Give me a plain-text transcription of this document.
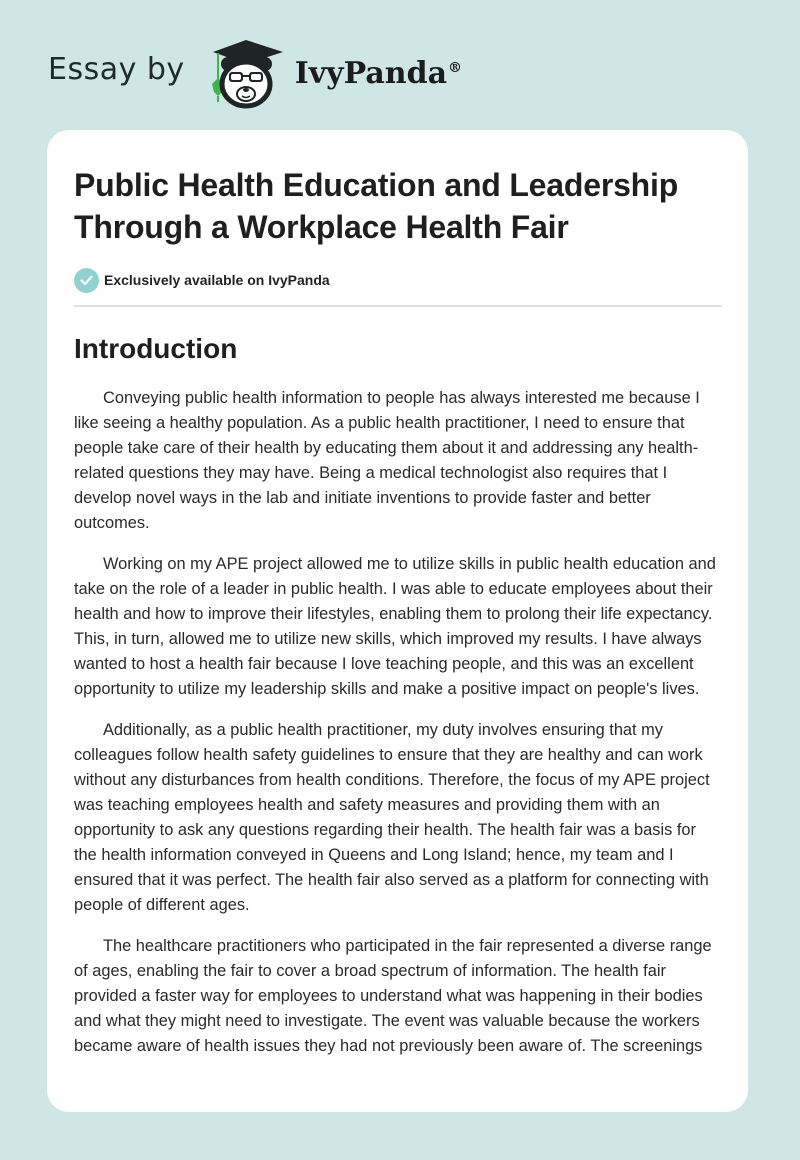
Essay by	IvyPanda®
Public Health Education and Leadership Through a Workplace Health Fair
Exclusively available on IvyPanda
Introduction

Conveying public health information to people has always interested me because I like seeing a healthy population. As a public health practitioner, I need to ensure that people take care of their health by educating them about it and addressing any health-related questions they may have. Being a medical technologist also requires that I develop novel ways in the lab and initiate inventions to provide faster and better outcomes.

Working on my APE project allowed me to utilize skills in public health education and take on the role of a leader in public health. I was able to educate employees about their health and how to improve their lifestyles, enabling them to prolong their life expectancy. This, in turn, allowed me to utilize new skills, which improved my results. I have always wanted to host a health fair because I love teaching people, and this was an excellent opportunity to utilize my leadership skills and make a positive impact on people's lives.

Additionally, as a public health practitioner, my duty involves ensuring that my colleagues follow health safety guidelines to ensure that they are healthy and can work without any disturbances from health conditions. Therefore, the focus of my APE project was teaching employees health and safety measures and providing them with an opportunity to ask any questions regarding their health. The health fair was a basis for the health information conveyed in Queens and Long Island; hence, my team and I ensured that it was perfect. The health fair also served as a platform for connecting with people of different ages.

The healthcare practitioners who participated in the fair represented a diverse range of ages, enabling the fair to cover a broad spectrum of information. The health fair provided a faster way for employees to understand what was happening in their bodies and what they might need to investigate. The event was valuable because the workers became aware of health issues they had not previously been aware of. The screenings
